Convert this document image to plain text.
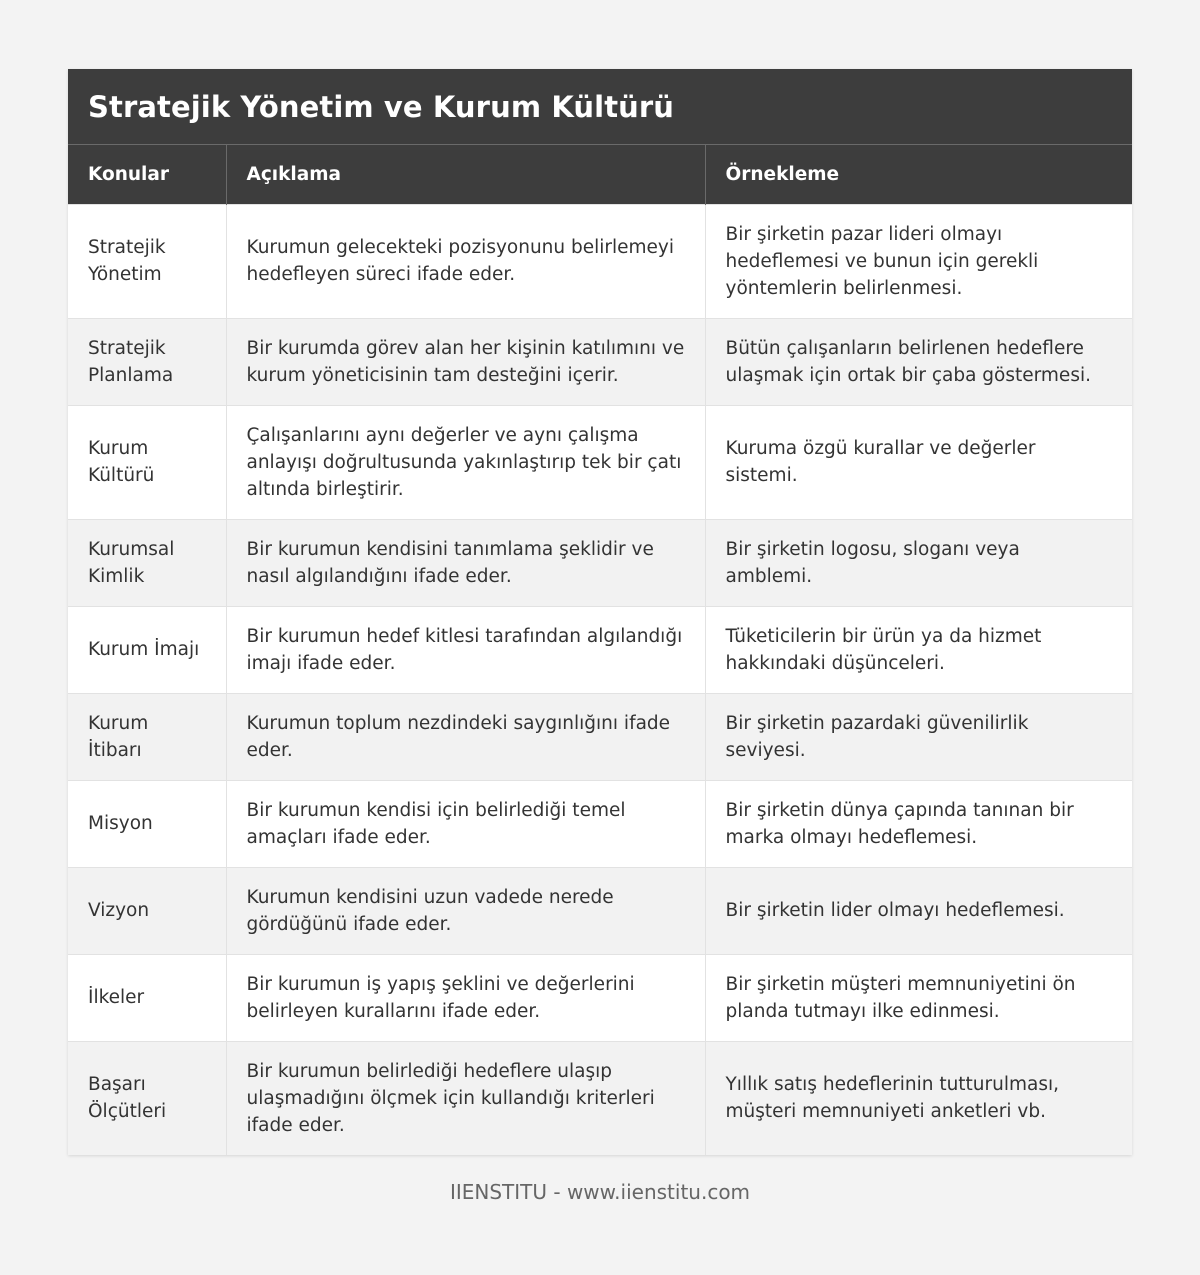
Stratejik Yönetim ve Kurum Kültürü
Konular	Açıklama	Örnekleme
Stratejik Yönetim	Kurumun gelecekteki pozisyonunu belirlemeyi hedefleyen süreci ifade eder.	Bir şirketin pazar lideri olmayı hedeflemesi ve bunun için gerekli yöntemlerin belirlenmesi.
Stratejik Planlama	Bir kurumda görev alan her kişinin katılımını ve kurum yöneticisinin tam desteğini içerir.	Bütün çalışanların belirlenen hedeflere ulaşmak için ortak bir çaba göstermesi.
Kurum Kültürü	Çalışanlarını aynı değerler ve aynı çalışma anlayışı doğrultusunda yakınlaştırıp tek bir çatı altında birleştirir.	Kuruma özgü kurallar ve değerler sistemi.
Kurumsal Kimlik	Bir kurumun kendisini tanımlama şeklidir ve nasıl algılandığını ifade eder.	Bir şirketin logosu, sloganı veya amblemi.
Kurum İmajı	Bir kurumun hedef kitlesi tarafından algılandığı imajı ifade eder.	Tüketicilerin bir ürün ya da hizmet hakkındaki düşünceleri.
Kurum İtibarı	Kurumun toplum nezdindeki saygınlığını ifade eder.	Bir şirketin pazardaki güvenilirlik seviyesi.
Misyon	Bir kurumun kendisi için belirlediği temel amaçları ifade eder.	Bir şirketin dünya çapında tanınan bir marka olmayı hedeflemesi.
Vizyon	Kurumun kendisini uzun vadede nerede gördüğünü ifade eder.	Bir şirketin lider olmayı hedeflemesi.
İlkeler	Bir kurumun iş yapış şeklini ve değerlerini belirleyen kurallarını ifade eder.	Bir şirketin müşteri memnuniyetini ön planda tutmayı ilke edinmesi.
Başarı Ölçütleri	Bir kurumun belirlediği hedeflere ulaşıp ulaşmadığını ölçmek için kullandığı kriterleri ifade eder.	Yıllık satış hedeflerinin tutturulması, müşteri memnuniyeti anketleri vb.
IIENSTITU - www.iienstitu.com
